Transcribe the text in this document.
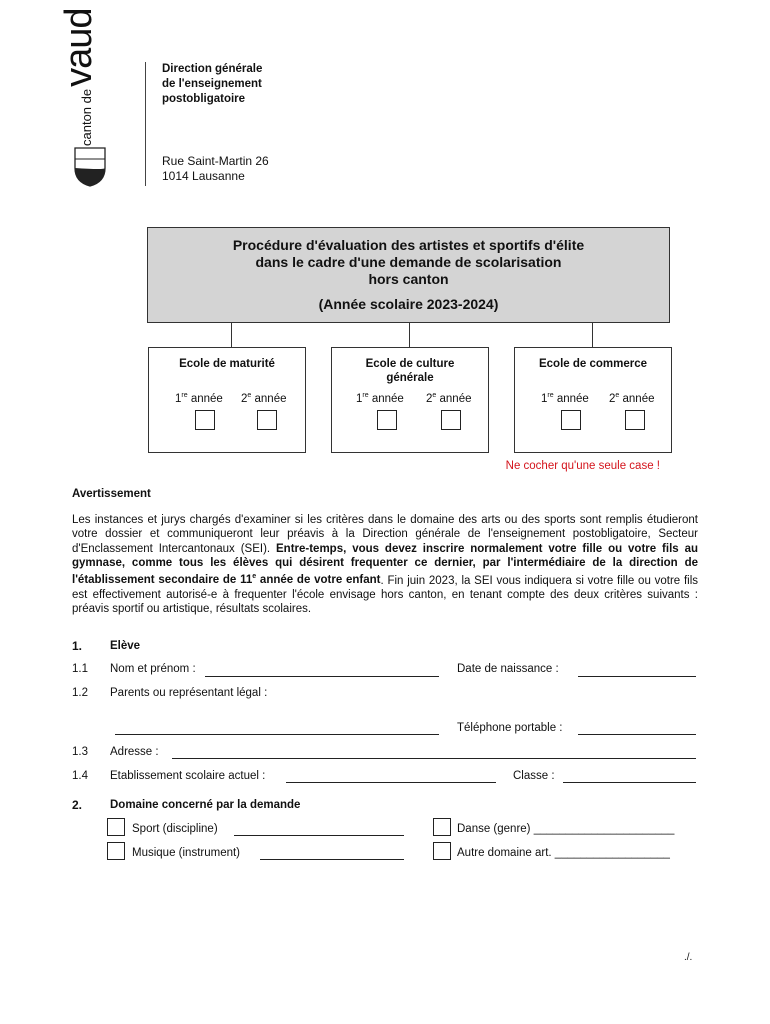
canton devaud	Direction générale
de l'enseignement
postobligatoire
Rue Saint-Martin 26
1014 Lausanne
Procédure d'évaluation des artistes et sportifs d'élite
dans le cadre d'une demande de scolarisation
hors canton
(Année scolaire 2023-2024)
Ecole de maturité
1re année 2e année
Ecole de culture générale
1re année 2e année
Ecole de commerce
1re année 2e année
Ne cocher qu'une seule case !
Avertissement
Les instances et jurys chargés d'examiner si les critères dans le domaine des arts ou des sports sont remplis étudieront votre dossier et communiqueront leur préavis à la Direction générale de l'enseignement postobligatoire, Secteur d'Enclassement Intercantonaux (SEI). Entre-temps, vous devez inscrire normalement votre fille ou votre fils au gymnase, comme tous les élèves qui désirent frequenter ce dernier, par l'intermédiaire de la direction de l'établissement secondaire de 11e année de votre enfant. Fin juin 2023, la SEI vous indiquera si votre fille ou votre fils est effectivement autorisé-e à frequenter l'école envisage hors canton, en tenant compte des deux critères suivants : préavis sportif ou artistique, résultats scolaires.
1. Elève
1.1 Nom et prénom :	Date de naissance :
1.2 Parents ou représentant légal :
Téléphone portable :
1.3 Adresse :
1.4 Etablissement scolaire actuel :	Classe :
2. Domaine concerné par la demande
Sport (discipline)	Danse (genre) ______________________
Musique (instrument)	Autre domaine art. __________________
./.
